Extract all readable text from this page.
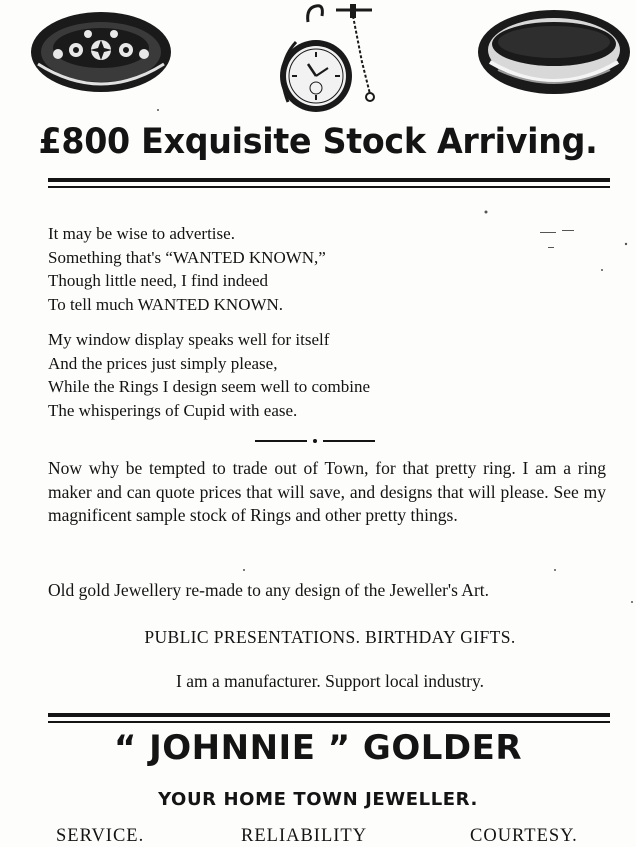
£800 Exquisite Stock Arriving.
It may be wise to advertise.
Something that's “WANTED KNOWN,”
Though little need, I find indeed
To tell much WANTED KNOWN.
My window display speaks well for itself
And the prices just simply please,
While the Rings I design seem well to combine
The whisperings of Cupid with ease.
Now why be tempted to trade out of Town, for that pretty ring. I am a ring maker and can quote prices that will save, and designs that will please. See my magnificent sample stock of Rings and other pretty things.
Old gold Jewellery re-made to any design of the Jeweller's Art.
PUBLIC PRESENTATIONS. BIRTHDAY GIFTS.
I am a manufacturer. Support local industry.
“ JOHNNIE ” GOLDER
YOUR HOME TOWN JEWELLER.
SERVICE.	RELIABILITY	COURTESY.
